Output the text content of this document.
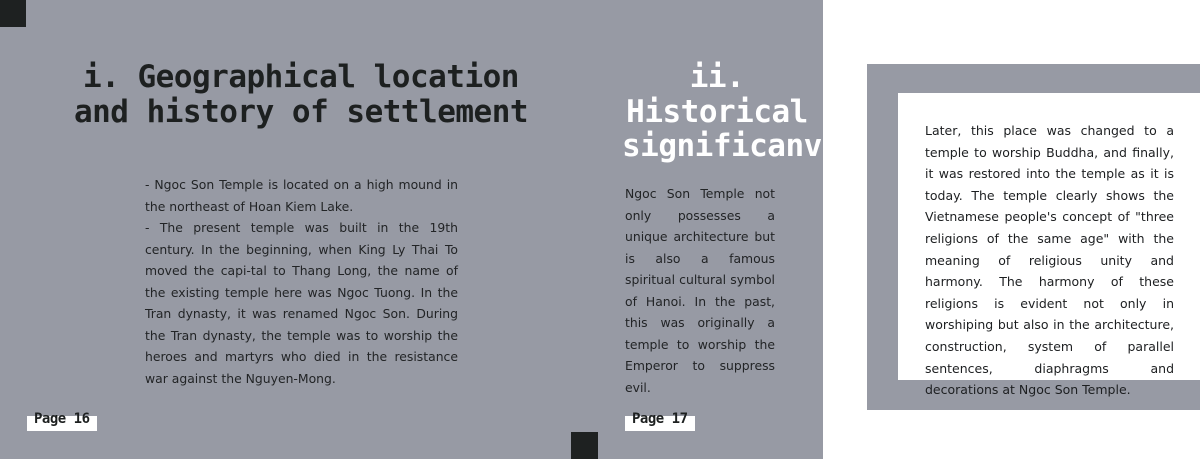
i. Geographical location and history of settlement

- Ngoc Son Temple is located on a high mound in the northeast of Hoan Kiem Lake.

- The present temple was built in the 19th century. In the beginning, when King Ly Thai To moved the capi-tal to Thang Long, the name of the existing temple here was Ngoc Tuong. In the Tran dynasty, it was renamed Ngoc Son. During the Tran dynasty, the temple was to worship the heroes and martyrs who died in the resistance war against the Nguyen-Mong.

Page 16
ii. Historical significanves

Ngoc Son Temple not only possesses a unique architecture but is also a famous spiritual cultural symbol of Hanoi. In the past, this was originally a temple to worship the Emperor to suppress evil.

Page 17

Later, this place was changed to a temple to worship Buddha, and finally, it was restored into the temple as it is today. The temple clearly shows the Vietnamese people's concept of "three religions of the same age" with the meaning of religious unity and harmony. The harmony of these religions is evident not only in worshiping but also in the architecture, construction, system of parallel sentences, diaphragms and decorations at Ngoc Son Temple.
